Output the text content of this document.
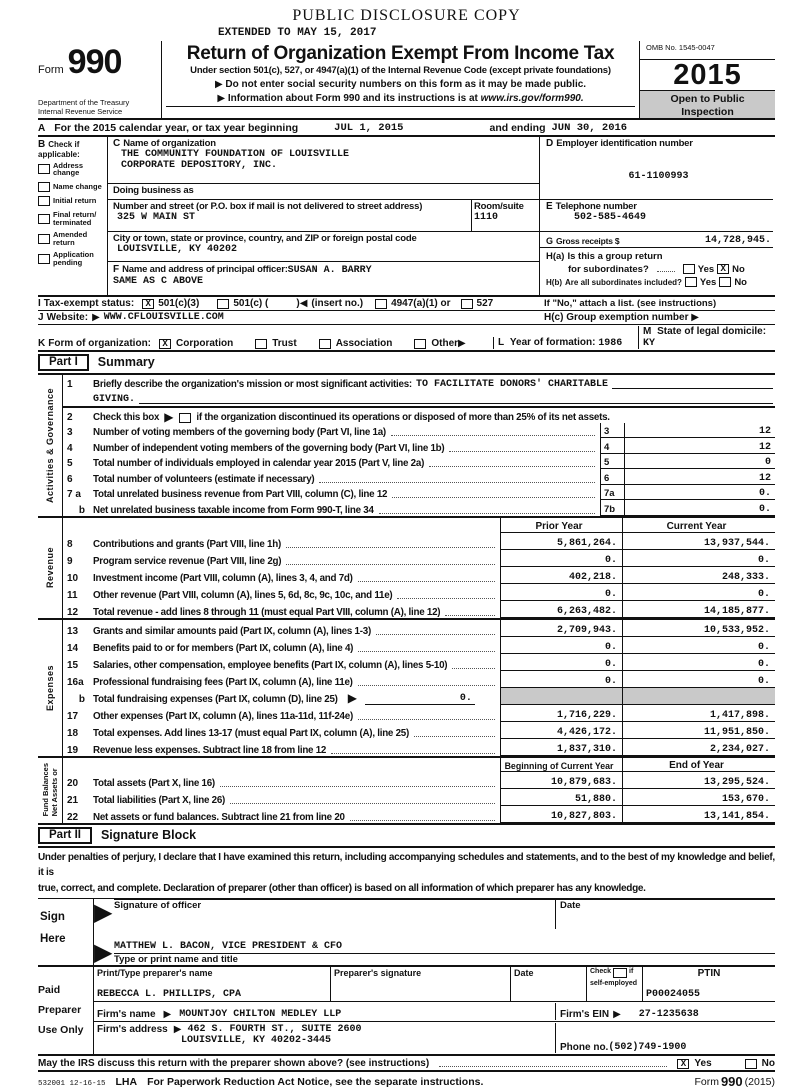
PUBLIC DISCLOSURE COPY
EXTENDED TO MAY 15, 2017
Form 990
Department of the Treasury
Internal Revenue Service
Return of Organization Exempt From Income Tax
Under section 501(c), 527, or 4947(a)(1) of the Internal Revenue Code (except private foundations)
▶ Do not enter social security numbers on this form as it may be made public.
▶ Information about Form 990 and its instructions is at www.irs.gov/form990.
OMB No. 1545-0047
2015
Open to Public
Inspection
A For the 2015 calendar year, or tax year beginning	JUL 1, 2015	and ending JUN 30, 2016
B Check if applicable:
Address change
Name change
Initial return
Final return/ terminated
Amended return
Application pending
C Name of organization
THE COMMUNITY FOUNDATION OF LOUISVILLE
CORPORATE DEPOSITORY, INC.
Doing business as
Number and street (or P.O. box if mail is not delivered to street address)
325 W MAIN ST
Room/suite
1110
City or town, state or province, country, and ZIP or foreign postal code
LOUISVILLE, KY 40202
F Name and address of principal officer:SUSAN A. BARRY
SAME AS C ABOVE
D Employer identification number
61-1100993
E Telephone number
502-585-4649
G Gross receipts $	14,728,945.
H(a) Is this a group return
for subordinates?	Yes X No
H(b) Are all subordinates included? Yes No
I Tax-exempt status:	X 501(c)(3)	501(c) (	) ◀ (insert no.)	4947(a)(1) or	527	If "No," attach a list. (see instructions)
J Website: ▶ WWW.CFLOUISVILLE.COM	H(c) Group exemption number ▶
K Form of organization:	X Corporation	Trust	Association	Other ▶	L Year of formation: 1986
M State of legal domicile: KY
Part I	Summary
Activities & Governance
1	Briefly describe the organization's mission or most significant activities: TO FACILITATE DONORS' CHARITABLE
GIVING.
2	Check this box ▶ if the organization discontinued its operations or disposed of more than 25% of its net assets.
3	Number of voting members of the governing body (Part VI, line 1a)	3	12
4	Number of independent voting members of the governing body (Part VI, line 1b)	4	12
5	Total number of individuals employed in calendar year 2015 (Part V, line 2a)	5	0
6	Total number of volunteers (estimate if necessary)	6	12
7 a	Total unrelated business revenue from Part VIII, column (C), line 12	7a	0.
b Net unrelated business taxable income from Form 990-T, line 34	7b	0.
Revenue
Prior Year	Current Year
8	Contributions and grants (Part VIII, line 1h)	5,861,264.	13,937,544.
9	Program service revenue (Part VIII, line 2g)	0.	0.
10	Investment income (Part VIII, column (A), lines 3, 4, and 7d)	402,218.	248,333.
11	Other revenue (Part VIII, column (A), lines 5, 6d, 8c, 9c, 10c, and 11e)	0.	0.
12	Total revenue - add lines 8 through 11 (must equal Part VIII, column (A), line 12)	6,263,482.	14,185,877.
Expenses
13	Grants and similar amounts paid (Part IX, column (A), lines 1-3)	2,709,943.	10,533,952.
14	Benefits paid to or for members (Part IX, column (A), line 4)	0.	0.
15	Salaries, other compensation, employee benefits (Part IX, column (A), lines 5-10)	0.	0.
16a Professional fundraising fees (Part IX, column (A), line 11e)	0.	0.
b Total fundraising expenses (Part IX, column (D), line 25) ▶	0.
17	Other expenses (Part IX, column (A), lines 11a-11d, 11f-24e)	1,716,229.	1,417,898.
18	Total expenses. Add lines 13-17 (must equal Part IX, column (A), line 25)	4,426,172.	11,951,850.
19	Revenue less expenses. Subtract line 18 from line 12	1,837,310.	2,234,027.
Fund Balances Net Assets or
Beginning of Current Year	End of Year
20	Total assets (Part X, line 16)	10,879,683.	13,295,524.
21	Total liabilities (Part X, line 26)	51,880.	153,670.
22	Net assets or fund balances. Subtract line 21 from line 20	10,827,803.	13,141,854.
Part II	Signature Block
Under penalties of perjury, I declare that I have examined this return, including accompanying schedules and statements, and to the best of my knowledge and belief, it is
true, correct, and complete. Declaration of preparer (other than officer) is based on all information of which preparer has any knowledge.
Sign
Here
▶ Signature of officer	Date
▶ MATTHEW L. BACON, VICE PRESIDENT & CFO
Type or print name and title
Paid
Preparer
Use Only
Print/Type preparer's name
REBECCA L. PHILLIPS, CPA
Preparer's signature	Date	Check	if
self-employed
PTIN
P00024055
Firm's name ▶ MOUNTJOY CHILTON MEDLEY LLP	Firm's EIN ▶ 27-1235638
Firm's address ▶ 462 S. FOURTH ST., SUITE 2600
LOUISVILLE, KY 40202-3445
Phone no. (502)749-1900
May the IRS discuss this return with the preparer shown above? (see instructions)	X Yes	No
532001 12-16-15 LHA For Paperwork Reduction Act Notice, see the separate instructions.	Form 990 (2015)
